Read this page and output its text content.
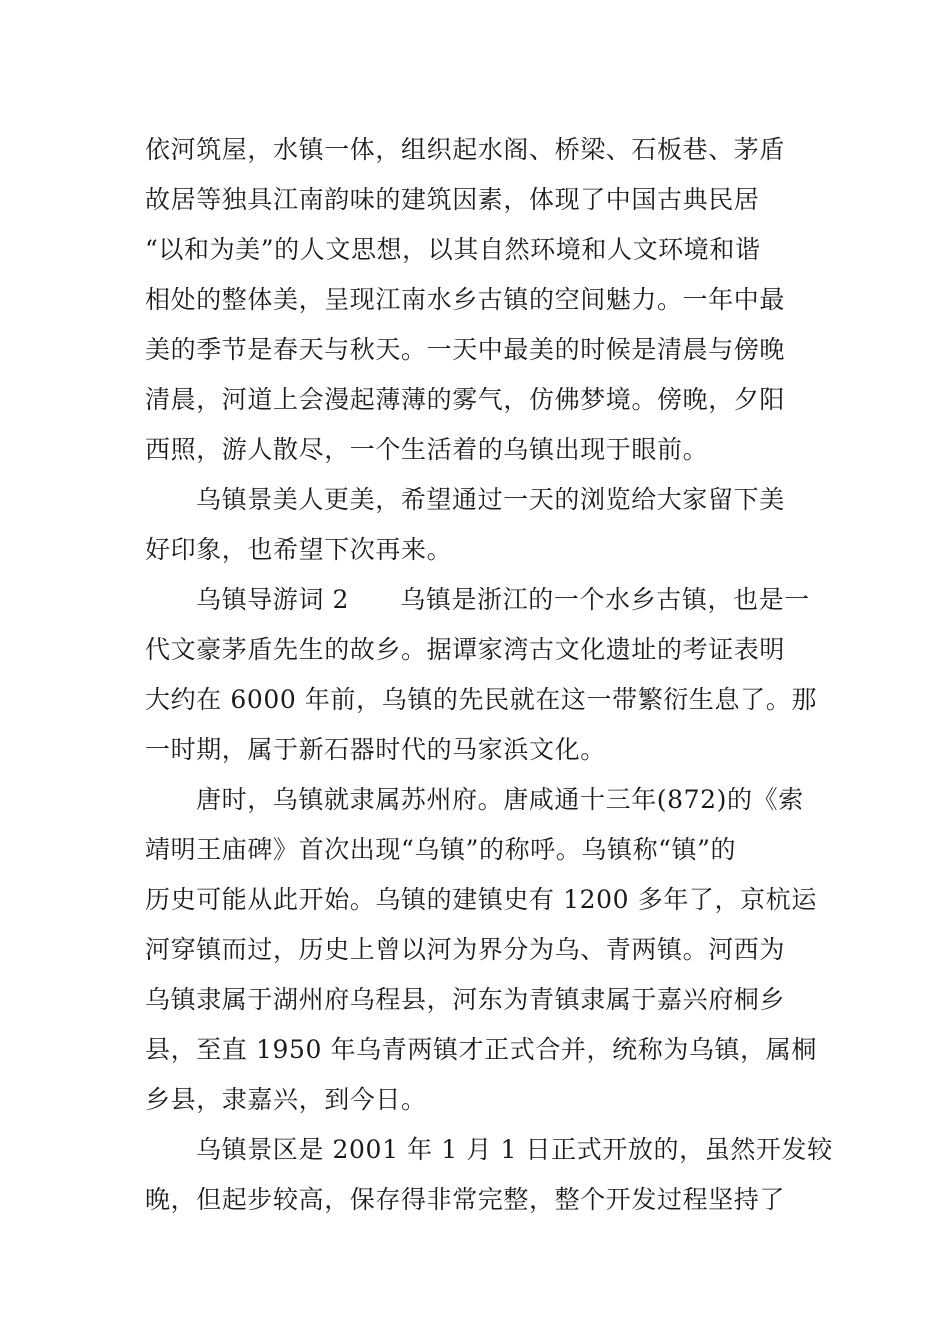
依河筑屋，水镇一体，组织起水阁、桥梁、石板巷、茅盾
故居等独具江南韵味的建筑因素，体现了中国古典民居
“以和为美”的人文思想，以其自然环境和人文环境和谐
相处的整体美，呈现江南水乡古镇的空间魅力。一年中最
美的季节是春天与秋天。一天中最美的时候是清晨与傍晚
清晨，河道上会漫起薄薄的雾气，仿佛梦境。傍晚，夕阳
西照，游人散尽，一个生活着的乌镇出现于眼前。
乌镇景美人更美，希望通过一天的浏览给大家留下美
好印象，也希望下次再来。
乌镇导游词 2　　乌镇是浙江的一个水乡古镇，也是一
代文豪茅盾先生的故乡。据谭家湾古文化遗址的考证表明
大约在 6000 年前，乌镇的先民就在这一带繁衍生息了。那
一时期，属于新石器时代的马家浜文化。
唐时，乌镇就隶属苏州府。唐咸通十三年(872)的《索
靖明王庙碑》首次出现“乌镇”的称呼。乌镇称“镇”的
历史可能从此开始。乌镇的建镇史有 1200 多年了，京杭运
河穿镇而过，历史上曾以河为界分为乌、青两镇。河西为
乌镇隶属于湖州府乌程县，河东为青镇隶属于嘉兴府桐乡
县，至直 1950 年乌青两镇才正式合并，统称为乌镇，属桐
乡县，隶嘉兴，到今日。
乌镇景区是 2001 年 1 月 1 日正式开放的，虽然开发较
晚，但起步较高，保存得非常完整，整个开发过程坚持了
